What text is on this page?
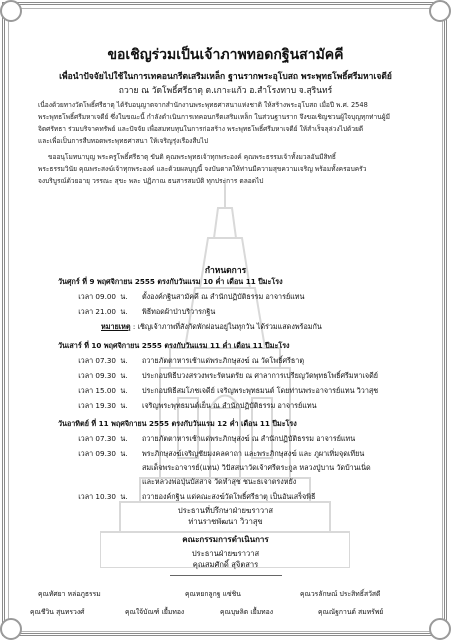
ขอเชิญร่วมเป็นเจ้าภาพทอดกฐินสามัคคี
เพื่อนำปัจจัยไปใช้ในการเทคอนกรีตเสริมเหล็ก ฐานรากพระอุโบสถ พระพุทธโพธิ์ศรีมหาเจดีย์
ถวาย ณ วัดโพธิ์ศรีธาตุ ต.เกาะแก้ว อ.สำโรงทาบ จ.สุรินทร์
เนื่องด้วยทางวัดโพธิ์ศรีธาตุ ได้รับอนุญาตจากสำนักงานพระพุทธศาสนาแห่งชาติ ให้สร้างพระอุโบสถ เมื่อปี พ.ศ. 2548
พระพุทธโพธิ์ศรีมหาเจดีย์ ซึ่งในขณะนี้ กำลังดำเนินการเทคอนกรีตเสริมเหล็ก ในส่วนฐานราก จึงขอเชิญชวนผู้ใจบุญทุกท่านผู้มี
จิตศรัทธา ร่วมบริจาคทรัพย์ และปัจจัย เพื่อสมทบทุนในการก่อสร้าง พระพุทธโพธิ์ศรีมหาเจดีย์ ให้สำเร็จลุล่วงไปด้วยดี
และเพื่อเป็นการสืบทอดพระพุทธศาสนา ให้เจริญรุ่งเรืองสืบไป
ขออนุโมทนาบุญ พระครูโพธิ์ศรีธาตุ ขันติ คุณพระพุทธเจ้าทุกพระองค์ คุณพระธรรมเจ้าทั้งมวลอันมีสิทธิ์
พระธรรมวินัย คุณพระสงฆ์เจ้าทุกพระองค์ และด้วยผลบุญนี้ จงบันดาลให้ท่านมีความสุขความเจริญ พร้อมทั้งครอบครัว
จงบริบูรณ์ด้วยอายุ วรรณะ สุขะ พละ ปฏิภาณ ธนสารสมบัติ ทุกประการ ตลอดไป
กำหนดการ
วันศุกร์ ที่ 9 พฤศจิกายน 2555 ตรงกับวันแรม 10 ค่ำ เดือน 11 ปีมะโรง
เวลา 09.00 น. ตั้งองค์กฐินสามัคคี ณ สำนักปฏิบัติธรรม อาจารย์แทน
เวลา 21.00 น. พิธีทอดผ้าป่าบริวารกฐิน
หมายเหตุ : เชิญเจ้าภาพที่สังกัดพักผ่อนอยู่ในทุกวัน ได้ร่วมแสดงพร้อมกัน
วันเสาร์ ที่ 10 พฤศจิกายน 2555 ตรงกับวันแรม 11 ค่ำ เดือน 11 ปีมะโรง
เวลา 07.30 น. ถวายภัตตาหารเช้าแด่พระภิกษุสงฆ์ ณ วัดโพธิ์ศรีธาตุ
เวลา 09.30 น. ประกอบพิธีบวงสรวงพระรัตนตรัย ณ ศาลาการเปรียญวัดพุทธโพธิ์ศรีมหาเจดีย์
เวลา 15.00 น. ประกอบพิธีสมโภชเจดีย์ เจริญพระพุทธมนต์ โดยท่านพระอาจารย์แทน วิวาสุช
เวลา 19.30 น. เจริญพระพุทธมนต์เย็น ณ สำนักปฏิบัติธรรม อาจารย์แทน
วันอาทิตย์ ที่ 11 พฤศจิกายน 2555 ตรงกับวันแรม 12 ค่ำ เดือน 11 ปีมะโรง
เวลา 07.30 น. ถวายภัตตาหารเช้าแด่พระภิกษุสงฆ์ ณ สำนักปฏิบัติธรรม อาจารย์แทน
เวลา 09.30 น. พระภิกษุสงฆ์เจริญชัยมงคลคาถา และพระภิกษุสงฆ์ และ ภูผาเทิ่มจุดเทียน
สมเด็จพระอาจารย์(แทน) วิปัสสนาวัดเจ้าศรีตระกูล หลวงปู่บาน วัดบ้านเนิ่ด
และหลวงพ่อปุ่นบัสสาจ วัดหำสุช ชนะธเจาตรงหยัง
เวลา 10.30 น. ถวายองค์กฐิน แด่คณะสงฆ์วัดโพธิ์ศรีธาตุ เป็นอันเสร็จพิธี
ประธานที่ปรึกษาฝ่ายฆราวาส
ท่านราชพัฒนา วิวาสุข
คณะกรรมการดำเนินการ
ประธานฝ่ายฆราวาส
คุณสมศักดิ์ สุจิตสาร
คุณทัศยา หล่อภูธรรม	คุณหยกลูกฐ แซ่ชิน	คุณวรลักษณ์ ประสิทธิ์สวัสดี
คุณชีวิน สุนทรวงศ์	คุณใจ้บัณฑ์ เยื้มทอง	คุณบุษลิต เยื้มทอง	คุณณัฐกานต์ สมทรัพย์
